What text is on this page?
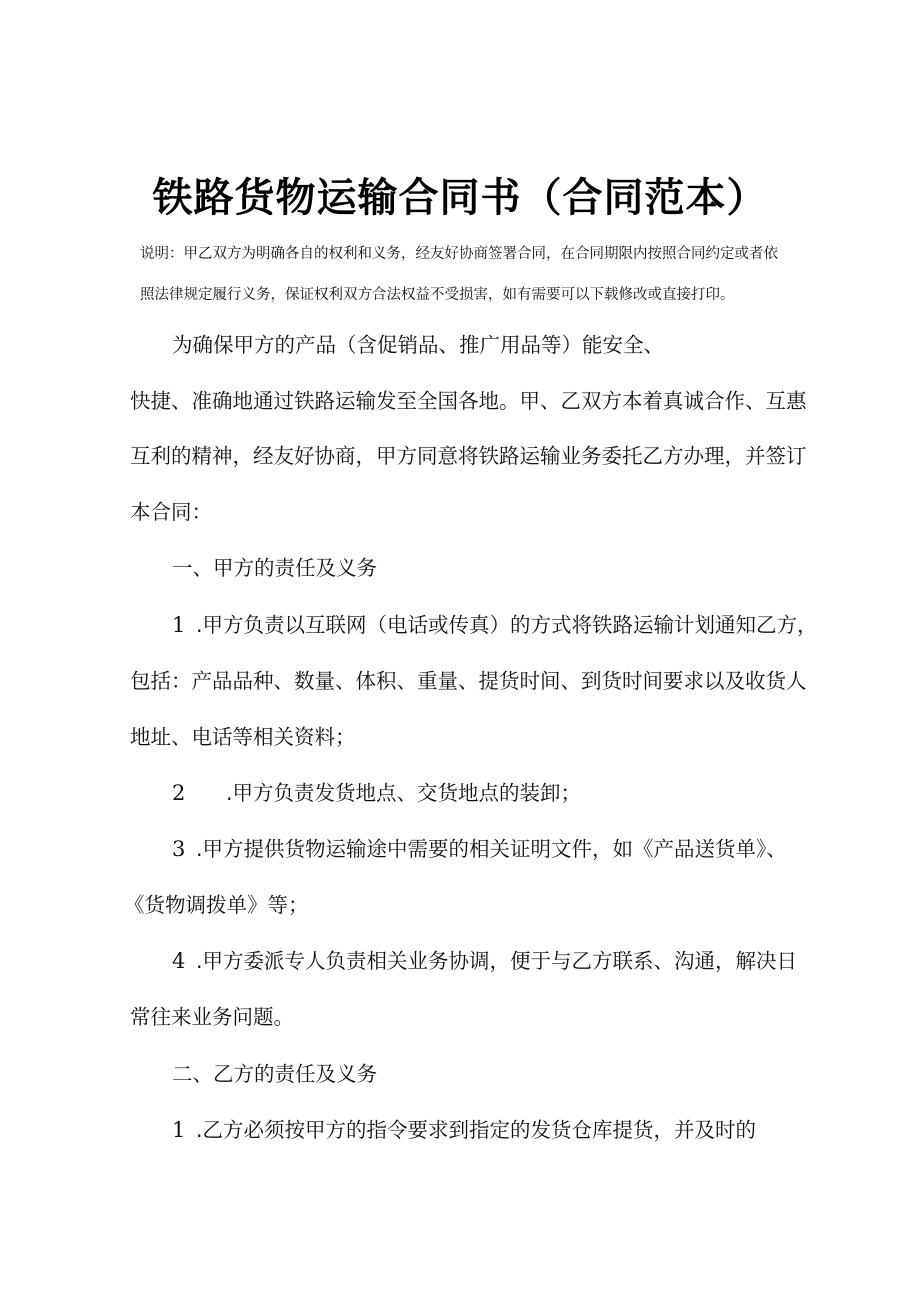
铁路货物运输合同书（合同范本）

说明：甲乙双方为明确各自的权利和义务，经友好协商签署合同，在合同期限内按照合同约定或者依

照法律规定履行义务，保证权利双方合法权益不受损害，如有需要可以下载修改或直接打印。

为确保甲方的产品（含促销品、推广用品等）能安全、

快捷、准确地通过铁路运输发至全国各地。甲、乙双方本着真诚合作、互惠

互利的精神，经友好协商，甲方同意将铁路运输业务委托乙方办理，并签订

本合同：

一、甲方的责任及义务

1 .甲方负责以互联网（电话或传真）的方式将铁路运输计划通知乙方，

包括：产品品种、数量、体积、重量、提货时间、到货时间要求以及收货人

地址、电话等相关资料；

2 .甲方负责发货地点、交货地点的装卸；

3 .甲方提供货物运输途中需要的相关证明文件，如《产品送货单》、

《货物调拨单》等；

4 .甲方委派专人负责相关业务协调，便于与乙方联系、沟通，解决日

常往来业务问题。

二、乙方的责任及义务

1 .乙方必须按甲方的指令要求到指定的发货仓库提货，并及时的
